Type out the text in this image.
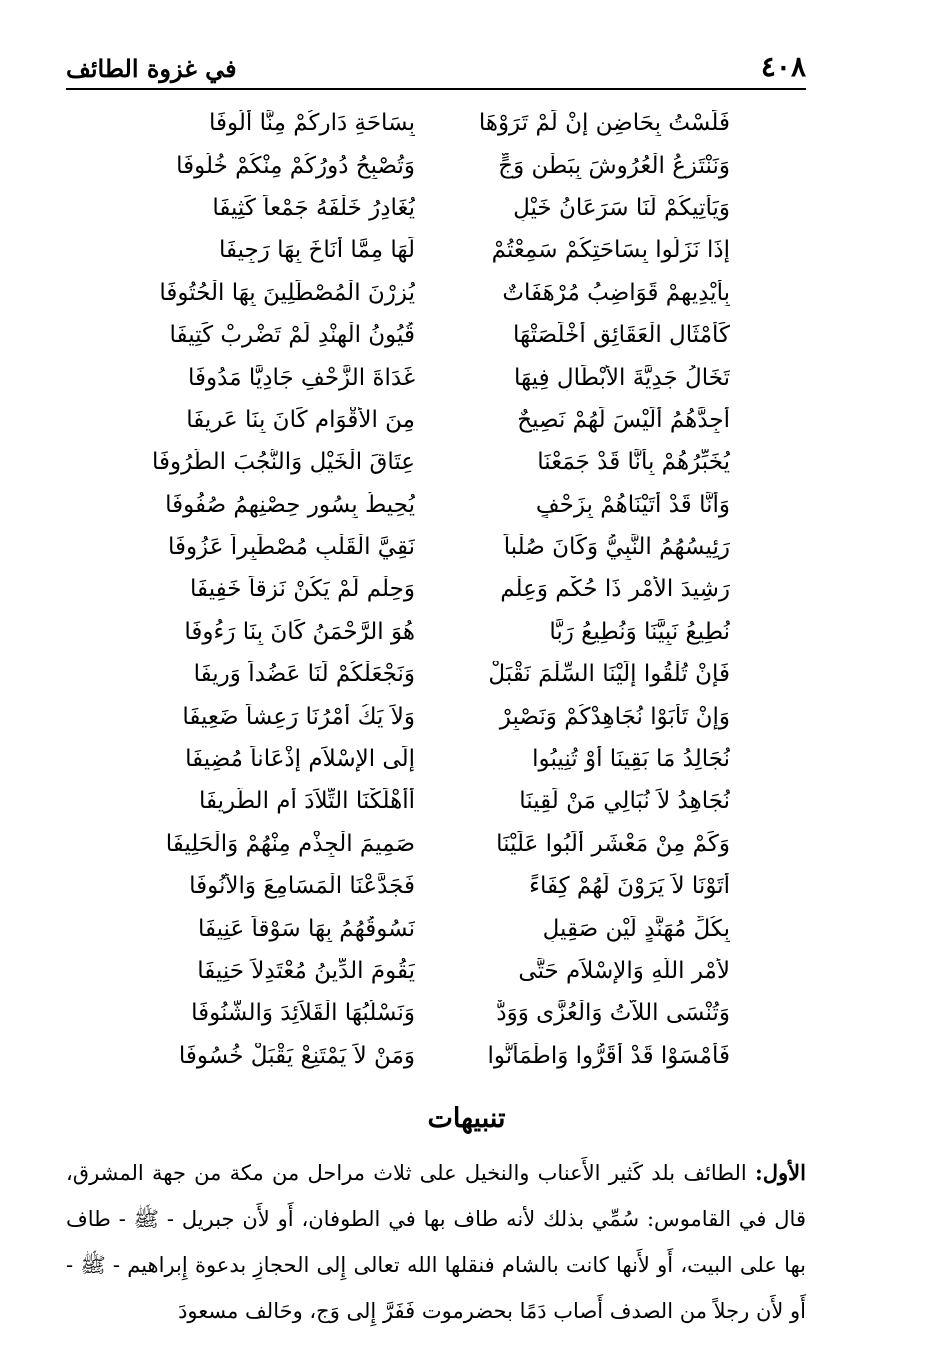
٤٠٨
في غزوة الطائف
فَلَسْتُ بِحَاضِنٍ إِنْ لَمْ تَرَوْهَا
بِسَاحَةِ دَارِكُمْ مِنَّا أُلُوفَا
وَنَنْتَزِعُ الْعُرُوشَ بِبَطْنِ وَجٍّ
وَتُصْبِحُ دُورُكُمْ مِنْكُمْ خُلُوفَا
وَيَأْتِيكُمْ لَنَا سَرَعَانُ خَيْلٍ
يُغَادِرُ خَلْفَهُ جَمْعاً كَثِيفَا
إِذَا نَزَلُوا بِسَاحَتِكُمْ سَمِعْتُمْ
لَهَا مِمَّا أَنَاخَ بِهَا رَجِيفَا
بِأَيْدِيهِمْ قَوَاضِبُ مُرْهَفَاتٌ
يُزِرْنَ الْمُصْطَلِينَ بِهَا الْحُتُوفَا
كَأَمْثَالِ الْعَقَائِقِ أَخْلَصَتْهَا
قُيُونُ الْهِنْدِ لَمْ تَضْرِبْ كَتِيفَا
تَخَالُ جَدِيَّةَ الأَبْطَالِ فِيهَا
غَدَاةَ الزَّحْفِ جَادِيًّا مَدُوفَا
أَجِدَّهُمُ أَلَيْسَ لَهُمْ نَصِيحٌ
مِنَ الأَقْوَامِ كَانَ بِنَا عَرِيفَا
يُخَبِّرُهُمْ بِأَنَّا قَدْ جَمَعْنَا
عِتَاقَ الْخَيْلِ وَالنُّجُبَ الطُّرُوفَا
وَأَنَّا قَدْ أَتَيْنَاهُمْ بِزَحْفٍ
يُحِيطُ بِسُورِ حِصْنِهِمُ صُفُوفَا
رَئِيسُهُمُ النَّبِيُّ وَكَانَ صُلْباً
نَقِيَّ الْقَلْبِ مُصْطَبِراً عَزُوفَا
رَشِيدَ الأَمْرِ ذَا حُكْمٍ وَعِلْمٍ
وَحِلْمٍ لَمْ يَكُنْ نَزِقاً خَفِيفَا
نُطِيعُ نَبِيَّنَا وَنُطِيعُ رَبًّا
هُوَ الرَّحْمَنُ كَانَ بِنَا رَءُوفَا
فَإِنْ تُلْقُوا إِلَيْنَا السِّلْمَ نَقْبَلْ
وَنَجْعَلْكُمْ لَنَا عَضُداً وَرِيفَا
وَإِنْ تَأْبَوْا نُجَاهِدْكُمْ وَنَصْبِرْ
وَلاَ يَكُ أَمْرُنَا رَعِشاً ضَعِيفَا
نُجَالِدُ مَا بَقِينَا أَوْ تُنِيبُوا
إِلَى الإِسْلاَمِ إِذْعَاناً مُضِيفَا
نُجَاهِدُ لاَ نُبَالِي مَنْ لَقِينَا
أَأَهْلَكْنَا التِّلاَدَ أَمِ الطَّرِيفَا
وَكَمْ مِنْ مَعْشَرٍ أَلَبُوا عَلَيْنَا
صَمِيمَ الْجِذْمِ مِنْهُمْ وَالْحَلِيفَا
أَتَوْنَا لاَ يَرَوْنَ لَهُمْ كِفَاءً
فَجَدَّعْنَا الْمَسَامِعَ وَالأُنُوفَا
بِكُلِّ مُهَنَّدٍ لَيْنٍ صَقِيلٍ
نَسُوقُهُمُ بِهَا سَوْقاً عَنِيفَا
لأَمْرِ اللَّهِ وَالإِسْلاَمِ حَتَّى
يَقُومَ الدِّينُ مُعْتَدِلاً حَنِيفَا
وَتُنْسَى اللاَّتُ وَالْعُزَّى وَوَدٌّ
وَنَسْلُبُهَا الْقَلاَئِدَ وَالشُّنُوفَا
فَأَمْسَوْا قَدْ أَقَرُّوا وَاطْمَأَنُّوا
وَمَنْ لاَ يَمْتَنِعْ يَقْبَلْ خُسُوفَا
تنبيهات
الأول: الطائف بلد كَثير الأَعناب والنخيل على ثلاث مراحل من مكة من جهة المشرق، قال في القاموس: سُمِّي بذلك لأنه طاف بها في الطوفان، أَو لأَن جبريل - ﷺ - طاف بها على البيت، أَو لأَنها كانت بالشام فنقلها الله تعالى إِلى الحجازِ بدعوة إِبراهيم - ﷺ - أَو لأَن رجلاً من الصدف أَصاب دَمًا بحضرموت فَفَرَّ إِلى وَج، وحَالف مسعودَ
